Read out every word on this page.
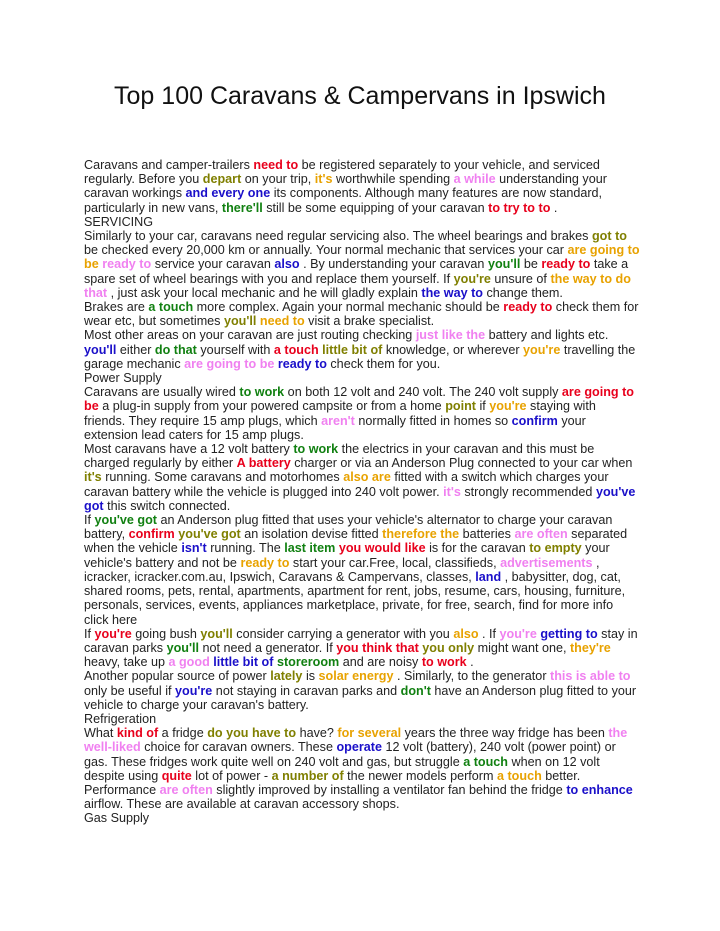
Top 100 Caravans & Campervans in Ipswich

Caravans and camper-trailers need to be registered separately to your vehicle, and serviced regularly. Before you depart on your trip, it's worthwhile spending a while understanding your caravan workings and every one its components. Although many features are now standard, particularly in new vans, there'll still be some equipping of your caravan to try to to .

SERVICING

Similarly to your car, caravans need regular servicing also. The wheel bearings and brakes got to be checked every 20,000 km or annually. Your normal mechanic that services your car are going to be ready to service your caravan also . By understanding your caravan you'll be ready to take a spare set of wheel bearings with you and replace them yourself. If you're unsure of the way to do that , just ask your local mechanic and he will gladly explain the way to change them.

Brakes are a touch more complex. Again your normal mechanic should be ready to check them for wear etc, but sometimes you'll need to visit a brake specialist.

Most other areas on your caravan are just routing checking just like the battery and lights etc. you'll either do that yourself with a touch little bit of knowledge, or wherever you're travelling the garage mechanic are going to be ready to check them for you.

Power Supply

Caravans are usually wired to work on both 12 volt and 240 volt. The 240 volt supply are going to be a plug-in supply from your powered campsite or from a home point if you're staying with friends. They require 15 amp plugs, which aren't normally fitted in homes so confirm your extension lead caters for 15 amp plugs.

Most caravans have a 12 volt battery to work the electrics in your caravan and this must be charged regularly by either A battery charger or via an Anderson Plug connected to your car when it's running. Some caravans and motorhomes also are fitted with a switch which charges your caravan battery while the vehicle is plugged into 240 volt power. it's strongly recommended you've got this switch connected.

If you've got an Anderson plug fitted that uses your vehicle's alternator to charge your caravan battery, confirm you've got an isolation devise fitted therefore the batteries are often separated when the vehicle isn't running. The last item you would like is for the caravan to empty your vehicle's battery and not be ready to start your car.Free, local, classifieds, advertisements , icracker, icracker.com.au, Ipswich, Caravans & Campervans, classes, land , babysitter, dog, cat, shared rooms, pets, rental, apartments, apartment for rent, jobs, resume, cars, housing, furniture, personals, services, events, appliances marketplace, private, for free, search, find for more info click here

If you're going bush you'll consider carrying a generator with you also . If you're getting to stay in caravan parks you'll not need a generator. If you think that you only might want one, they're heavy, take up a good little bit of storeroom and are noisy to work .

Another popular source of power lately is solar energy . Similarly, to the generator this is able to only be useful if you're not staying in caravan parks and don't have an Anderson plug fitted to your vehicle to charge your caravan's battery.

Refrigeration

What kind of a fridge do you have to have? for several years the three way fridge has been the well-liked choice for caravan owners. These operate 12 volt (battery), 240 volt (power point) or gas. These fridges work quite well on 240 volt and gas, but struggle a touch when on 12 volt despite using quite lot of power - a number of the newer models perform a touch better. Performance are often slightly improved by installing a ventilator fan behind the fridge to enhance airflow. These are available at caravan accessory shops.

Gas Supply
